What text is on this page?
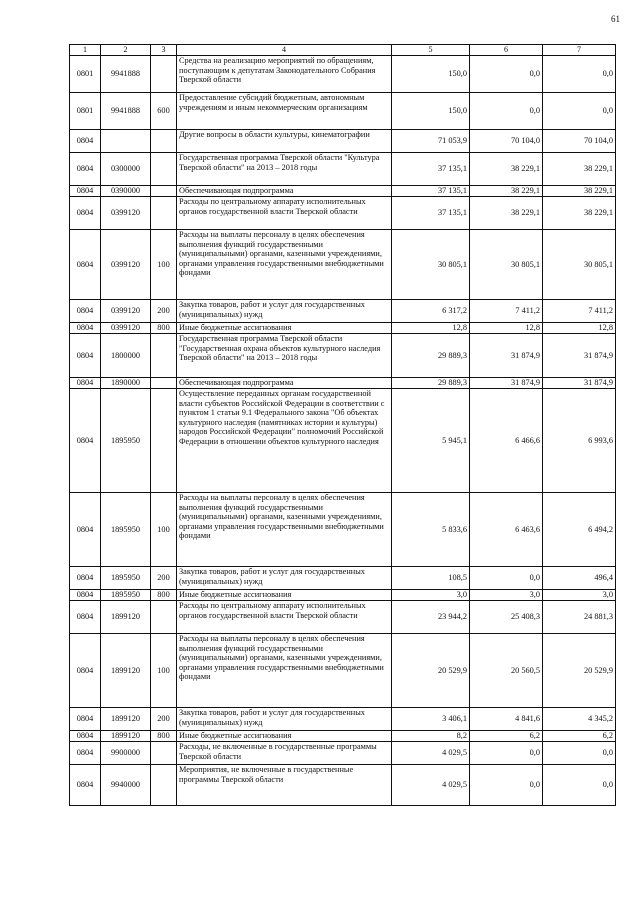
61
1	2	3	4	5	6	7
0801	9941888		Средства на реализацию мероприятий по обращениям, поступающим к депутатам Законодательного Собрания Тверской области	150,0	0,0	0,0
0801	9941888	600	Предоставление субсидий бюджетным, автономным учреждениям и иным некоммерческим организациям	150,0	0,0	0,0
0804			Другие вопросы в области культуры, кинематографии	71 053,9	70 104,0	70 104,0
0804	0300000		Государственная программа Тверской области "Культура Тверской области" на 2013 – 2018 годы	37 135,1	38 229,1	38 229,1
0804	0390000		Обеспечивающая подпрограмма	37 135,1	38 229,1	38 229,1
0804	0399120		Расходы по центральному аппарату исполнительных органов государственной власти Тверской области	37 135,1	38 229,1	38 229,1
0804	0399120	100	Расходы на выплаты персоналу в целях обеспечения выполнения функций государственными (муниципальными) органами, казенными учреждениями, органами управления государственными внебюджетными фондами	30 805,1	30 805,1	30 805,1
0804	0399120	200	Закупка товаров, работ и услуг для государственных (муниципальных) нужд	6 317,2	7 411,2	7 411,2
0804	0399120	800	Иные бюджетные ассигнования	12,8	12,8	12,8
0804	1800000		Государственная программа Тверской области "Государственная охрана объектов культурного наследия Тверской области" на 2013 – 2018 годы	29 889,3	31 874,9	31 874,9
0804	1890000		Обеспечивающая подпрограмма	29 889,3	31 874,9	31 874,9
0804	1895950		Осуществление переданных органам государственной власти субъектов Российской Федерации в соответствии с пунктом 1 статьи 9.1 Федерального закона "Об объектах культурного наследия (памятниках истории и культуры) народов Российской Федерации" полномочий Российской Федерации в отношении объектов культурного наследия	5 945,1	6 466,6	6 993,6
0804	1895950	100	Расходы на выплаты персоналу в целях обеспечения выполнения функций государственными (муниципальными) органами, казенными учреждениями, органами управления государственными внебюджетными фондами	5 833,6	6 463,6	6 494,2
0804	1895950	200	Закупка товаров, работ и услуг для государственных (муниципальных) нужд	108,5	0,0	496,4
0804	1895950	800	Иные бюджетные ассигнования	3,0	3,0	3,0
0804	1899120		Расходы по центральному аппарату исполнительных органов государственной власти Тверской области	23 944,2	25 408,3	24 881,3
0804	1899120	100	Расходы на выплаты персоналу в целях обеспечения выполнения функций государственными (муниципальными) органами, казенными учреждениями, органами управления государственными внебюджетными фондами	20 529,9	20 560,5	20 529,9
0804	1899120	200	Закупка товаров, работ и услуг для государственных (муниципальных) нужд	3 406,1	4 841,6	4 345,2
0804	1899120	800	Иные бюджетные ассигнования	8,2	6,2	6,2
0804	9900000		Расходы, не включенные в государственные программы Тверской области	4 029,5	0,0	0,0
0804	9940000		Мероприятия, не включенные в государственные программы Тверской области	4 029,5	0,0	0,0
